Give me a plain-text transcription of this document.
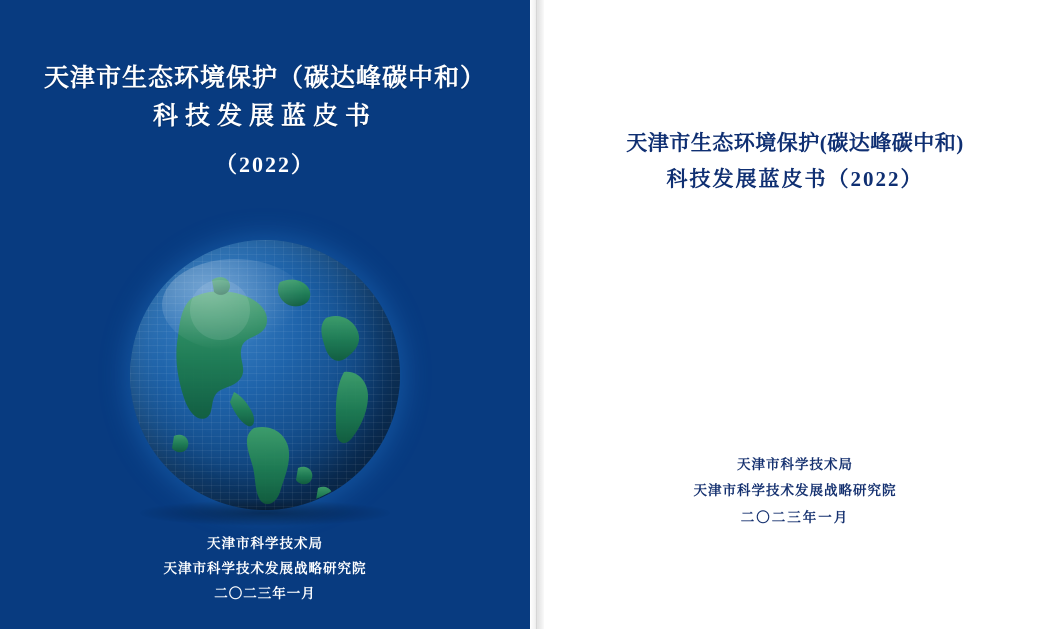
天津市生态环境保护（碳达峰碳中和）
科技发展蓝皮书
（2022）
天津市科学技术局
天津市科学技术发展战略研究院
二〇二三年一月
天津市生态环境保护(碳达峰碳中和)
科技发展蓝皮书（2022）
天津市科学技术局
天津市科学技术发展战略研究院
二〇二三年一月
